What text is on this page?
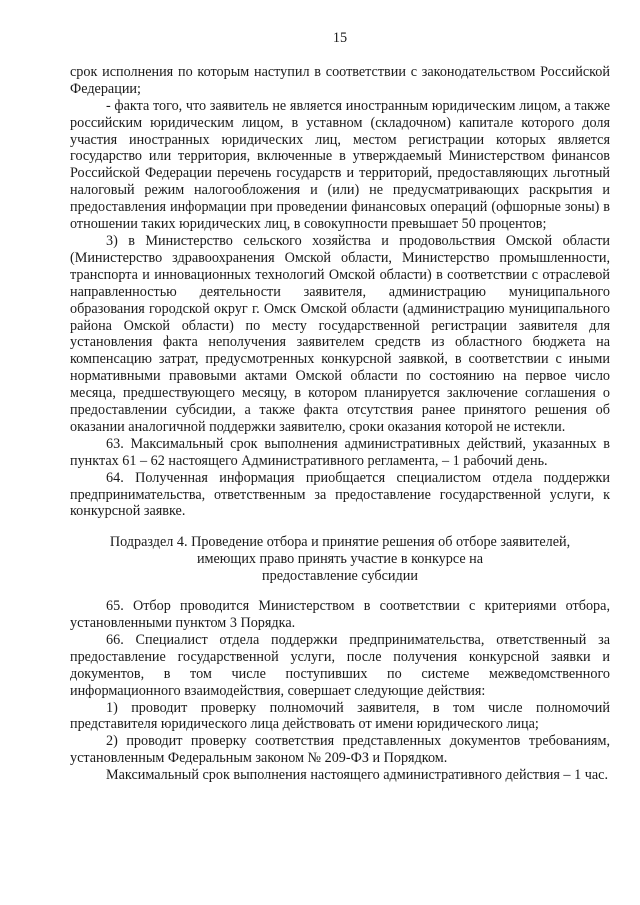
15

срок исполнения по которым наступил в соответствии с законодательством Российской Федерации;

- факта того, что заявитель не является иностранным юридическим лицом, а также российским юридическим лицом, в уставном (складочном) капитале которого доля участия иностранных юридических лиц, местом регистрации которых является государство или территория, включенные в утверждаемый Министерством финансов Российской Федерации перечень государств и территорий, предоставляющих льготный налоговый режим налогообложения и (или) не предусматривающих раскрытия и предоставления информации при проведении финансовых операций (офшорные зоны) в отношении таких юридических лиц, в совокупности превышает 50 процентов;

3) в Министерство сельского хозяйства и продовольствия Омской области (Министерство здравоохранения Омской области, Министерство промышленности, транспорта и инновационных технологий Омской области) в соответствии с отраслевой направленностью деятельности заявителя, администрацию муниципального образования городской округ г. Омск Омской области (администрацию муниципального района Омской области) по месту государственной регистрации заявителя для установления факта неполучения заявителем средств из областного бюджета на компенсацию затрат, предусмотренных конкурсной заявкой, в соответствии с иными нормативными правовыми актами Омской области по состоянию на первое число месяца, предшествующего месяцу, в котором планируется заключение соглашения о предоставлении субсидии, а также факта отсутствия ранее принятого решения об оказании аналогичной поддержки заявителю, сроки оказания которой не истекли.

63. Максимальный срок выполнения административных действий, указанных в пунктах 61 – 62 настоящего Административного регламента, – 1 рабочий день.

64. Полученная информация приобщается специалистом отдела поддержки предпринимательства, ответственным за предоставление государственной услуги, к конкурсной заявке.

Подраздел 4. Проведение отбора и принятие решения об отборе заявителей,
имеющих право принять участие в конкурсе на
предоставление субсидии

65. Отбор проводится Министерством в соответствии с критериями отбора, установленными пунктом 3 Порядка.

66. Специалист отдела поддержки предпринимательства, ответственный за предоставление государственной услуги, после получения конкурсной заявки и документов, в том числе поступивших по системе межведомственного информационного взаимодействия, совершает следующие действия:

1) проводит проверку полномочий заявителя, в том числе полномочий представителя юридического лица действовать от имени юридического лица;

2) проводит проверку соответствия представленных документов требованиям, установленным Федеральным законом № 209-ФЗ и Порядком.

Максимальный срок выполнения настоящего административного действия – 1 час.
